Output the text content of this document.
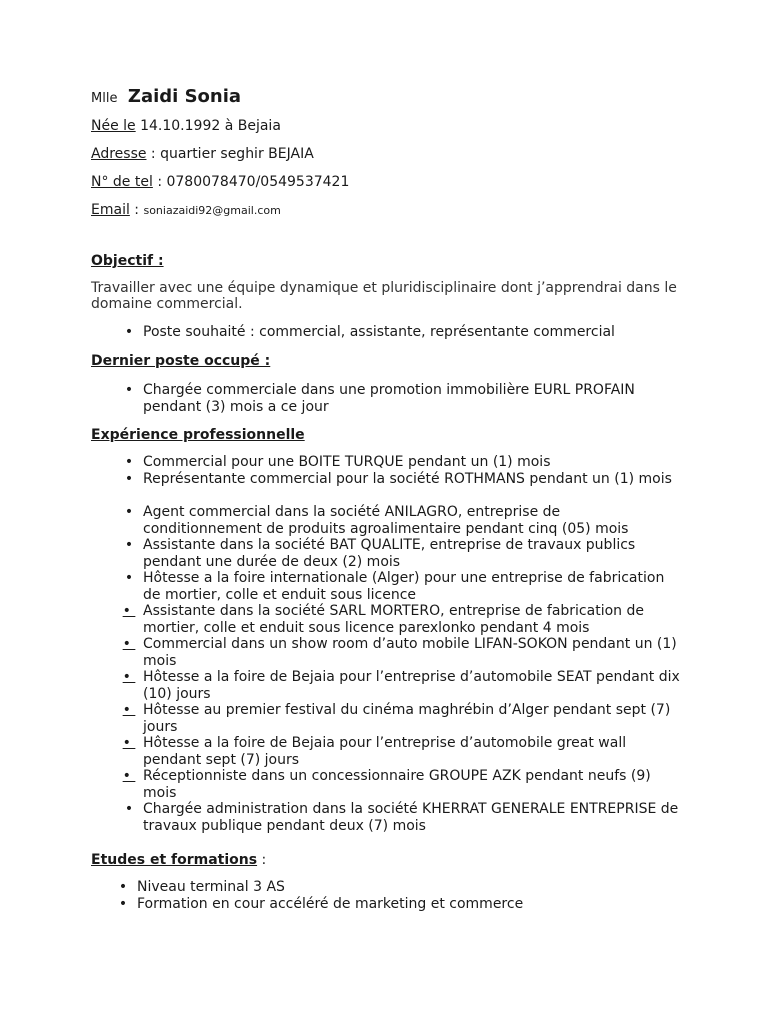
Mlle Zaidi Sonia
Née le 14.10.1992 à Bejaia
Adresse : quartier seghir BEJAIA
N° de tel : 0780078470/0549537421
Email : soniazaidi92@gmail.com
Objectif :
Travailler avec une équipe dynamique et pluridisciplinaire dont j’apprendrai dans le domaine commercial.
• Poste souhaité : commercial, assistante, représentante commercial
Dernier poste occupé :
• Chargée commerciale dans une promotion immobilière EURL PROFAIN pendant (3) mois a ce jour
Expérience professionnelle
• Commercial pour une BOITE TURQUE pendant un (1) mois
• Représentante commercial pour la société ROTHMANS pendant un (1) mois
• Agent commercial dans la société ANILAGRO, entreprise de conditionnement de produits agroalimentaire pendant cinq (05) mois
• Assistante dans la société BAT QUALITE, entreprise de travaux publics pendant une durée de deux (2) mois
• Hôtesse a la foire internationale (Alger) pour une entreprise de fabrication de mortier, colle et enduit sous licence
• Assistante dans la société SARL MORTERO, entreprise de fabrication de mortier, colle et enduit sous licence parexlonko pendant 4 mois
• Commercial dans un show room d’auto mobile LIFAN-SOKON pendant un (1) mois
• Hôtesse a la foire de Bejaia pour l’entreprise d’automobile SEAT pendant dix (10) jours
• Hôtesse au premier festival du cinéma maghrébin d’Alger pendant sept (7) jours
• Hôtesse a la foire de Bejaia pour l’entreprise d’automobile great wall pendant sept (7) jours
• Réceptionniste dans un concessionnaire GROUPE AZK pendant neufs (9) mois
• Chargée administration dans la société KHERRAT GENERALE ENTREPRISE de travaux publique pendant deux (7) mois
Etudes et formations :
• Niveau terminal 3 AS
• Formation en cour accéléré de marketing et commerce
